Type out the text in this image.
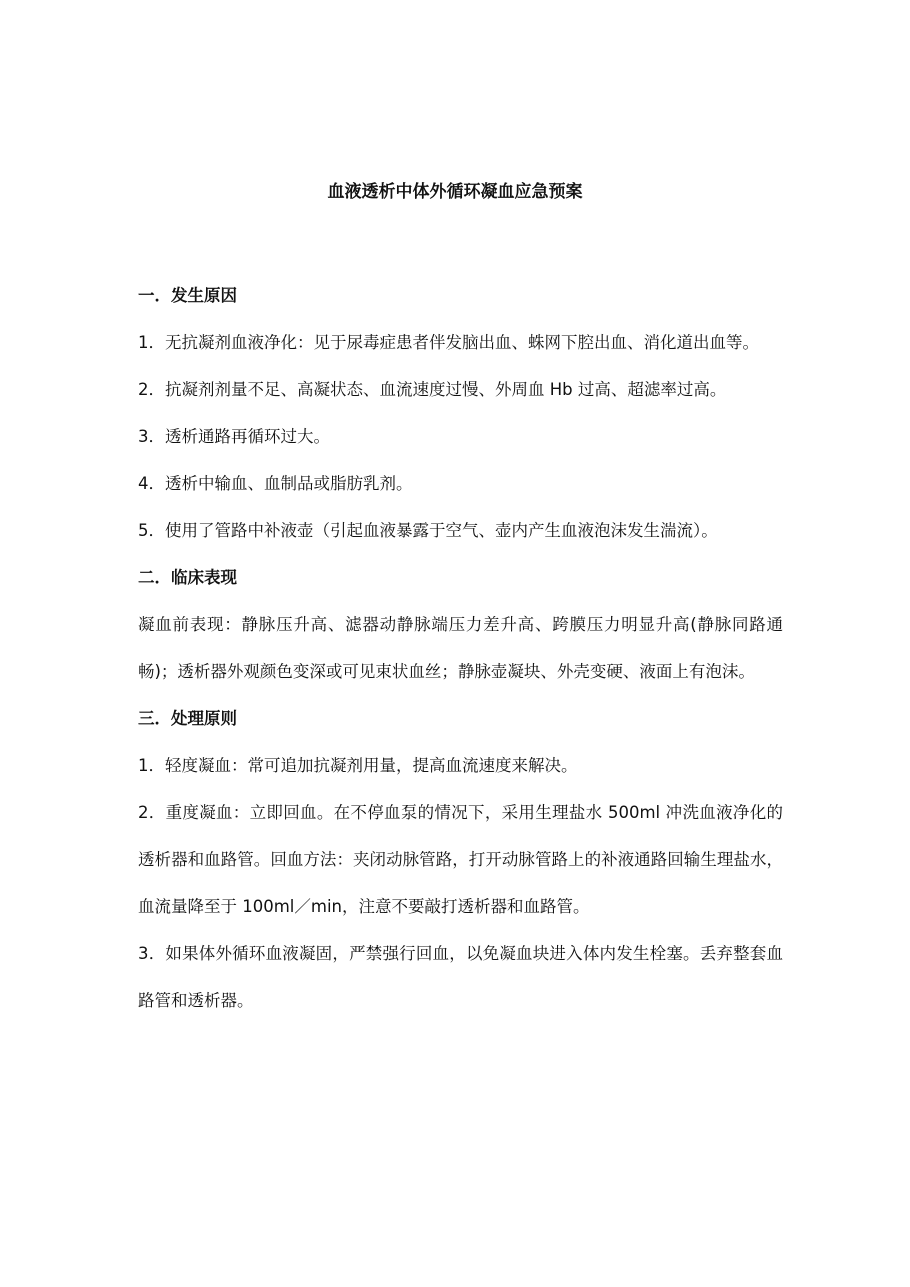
血液透析中体外循环凝血应急预案

一．发生原因

1．无抗凝剂血液净化：见于尿毒症患者伴发脑出血、蛛网下腔出血、消化道出血等。

2．抗凝剂剂量不足、高凝状态、血流速度过慢、外周血 Hb 过高、超滤率过高。

3．透析通路再循环过大。

4．透析中输血、血制品或脂肪乳剂。

5．使用了管路中补液壶（引起血液暴露于空气、壶内产生血液泡沫发生湍流）。

二．临床表现

凝血前表现：静脉压升高、滤器动静脉端压力差升高、跨膜压力明显升高(静脉同路通畅)；透析器外观颜色变深或可见束状血丝；静脉壶凝块、外壳变硬、液面上有泡沫。

三．处理原则

1．轻度凝血：常可追加抗凝剂用量，提高血流速度来解决。

2．重度凝血：立即回血。在不停血泵的情况下，采用生理盐水 500ml 冲洗血液净化的透析器和血路管。回血方法：夹闭动脉管路，打开动脉管路上的补液通路回输生理盐水，血流量降至于 100ml／min，注意不要敲打透析器和血路管。

3．如果体外循环血液凝固，严禁强行回血，以免凝血块进入体内发生栓塞。丢弃整套血路管和透析器。
